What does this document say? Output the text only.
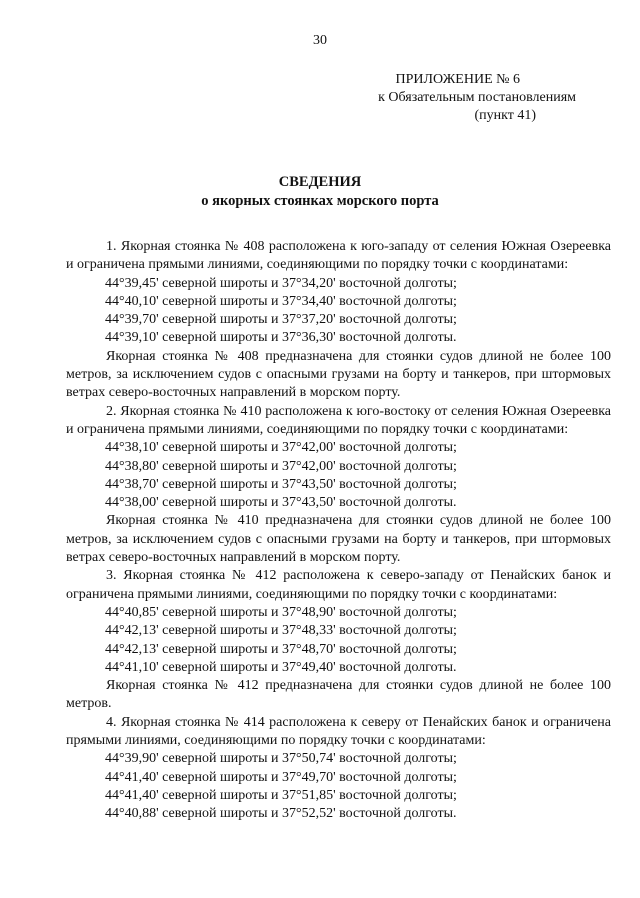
30
ПРИЛОЖЕНИЕ № 6
к Обязательным постановлениям
(пункт 41)
СВЕДЕНИЯ
о якорных стоянках морского порта

1. Якорная стоянка № 408 расположена к юго-западу от селения Южная Озереевка и ограничена прямыми линиями, соединяющими по порядку точки с координатами:

44°39,45' северной широты и 37°34,20' восточной долготы;

44°40,10' северной широты и 37°34,40' восточной долготы;

44°39,70' северной широты и 37°37,20' восточной долготы;

44°39,10' северной широты и 37°36,30' восточной долготы.

Якорная стоянка № 408 предназначена для стоянки судов длиной не более 100 метров, за исключением судов с опасными грузами на борту и танкеров, при штормовых ветрах северо-восточных направлений в морском порту.

2. Якорная стоянка № 410 расположена к юго-востоку от селения Южная Озереевка и ограничена прямыми линиями, соединяющими по порядку точки с координатами:

44°38,10' северной широты и 37°42,00' восточной долготы;

44°38,80' северной широты и 37°42,00' восточной долготы;

44°38,70' северной широты и 37°43,50' восточной долготы;

44°38,00' северной широты и 37°43,50' восточной долготы.

Якорная стоянка № 410 предназначена для стоянки судов длиной не более 100 метров, за исключением судов с опасными грузами на борту и танкеров, при штормовых ветрах северо-восточных направлений в морском порту.

3. Якорная стоянка № 412 расположена к северо-западу от Пенайских банок и ограничена прямыми линиями, соединяющими по порядку точки с координатами:

44°40,85' северной широты и 37°48,90' восточной долготы;

44°42,13' северной широты и 37°48,33' восточной долготы;

44°42,13' северной широты и 37°48,70' восточной долготы;

44°41,10' северной широты и 37°49,40' восточной долготы.

Якорная стоянка № 412 предназначена для стоянки судов длиной не более 100 метров.

4. Якорная стоянка № 414 расположена к северу от Пенайских банок и ограничена прямыми линиями, соединяющими по порядку точки с координатами:

44°39,90' северной широты и 37°50,74' восточной долготы;

44°41,40' северной широты и 37°49,70' восточной долготы;

44°41,40' северной широты и 37°51,85' восточной долготы;

44°40,88' северной широты и 37°52,52' восточной долготы.
